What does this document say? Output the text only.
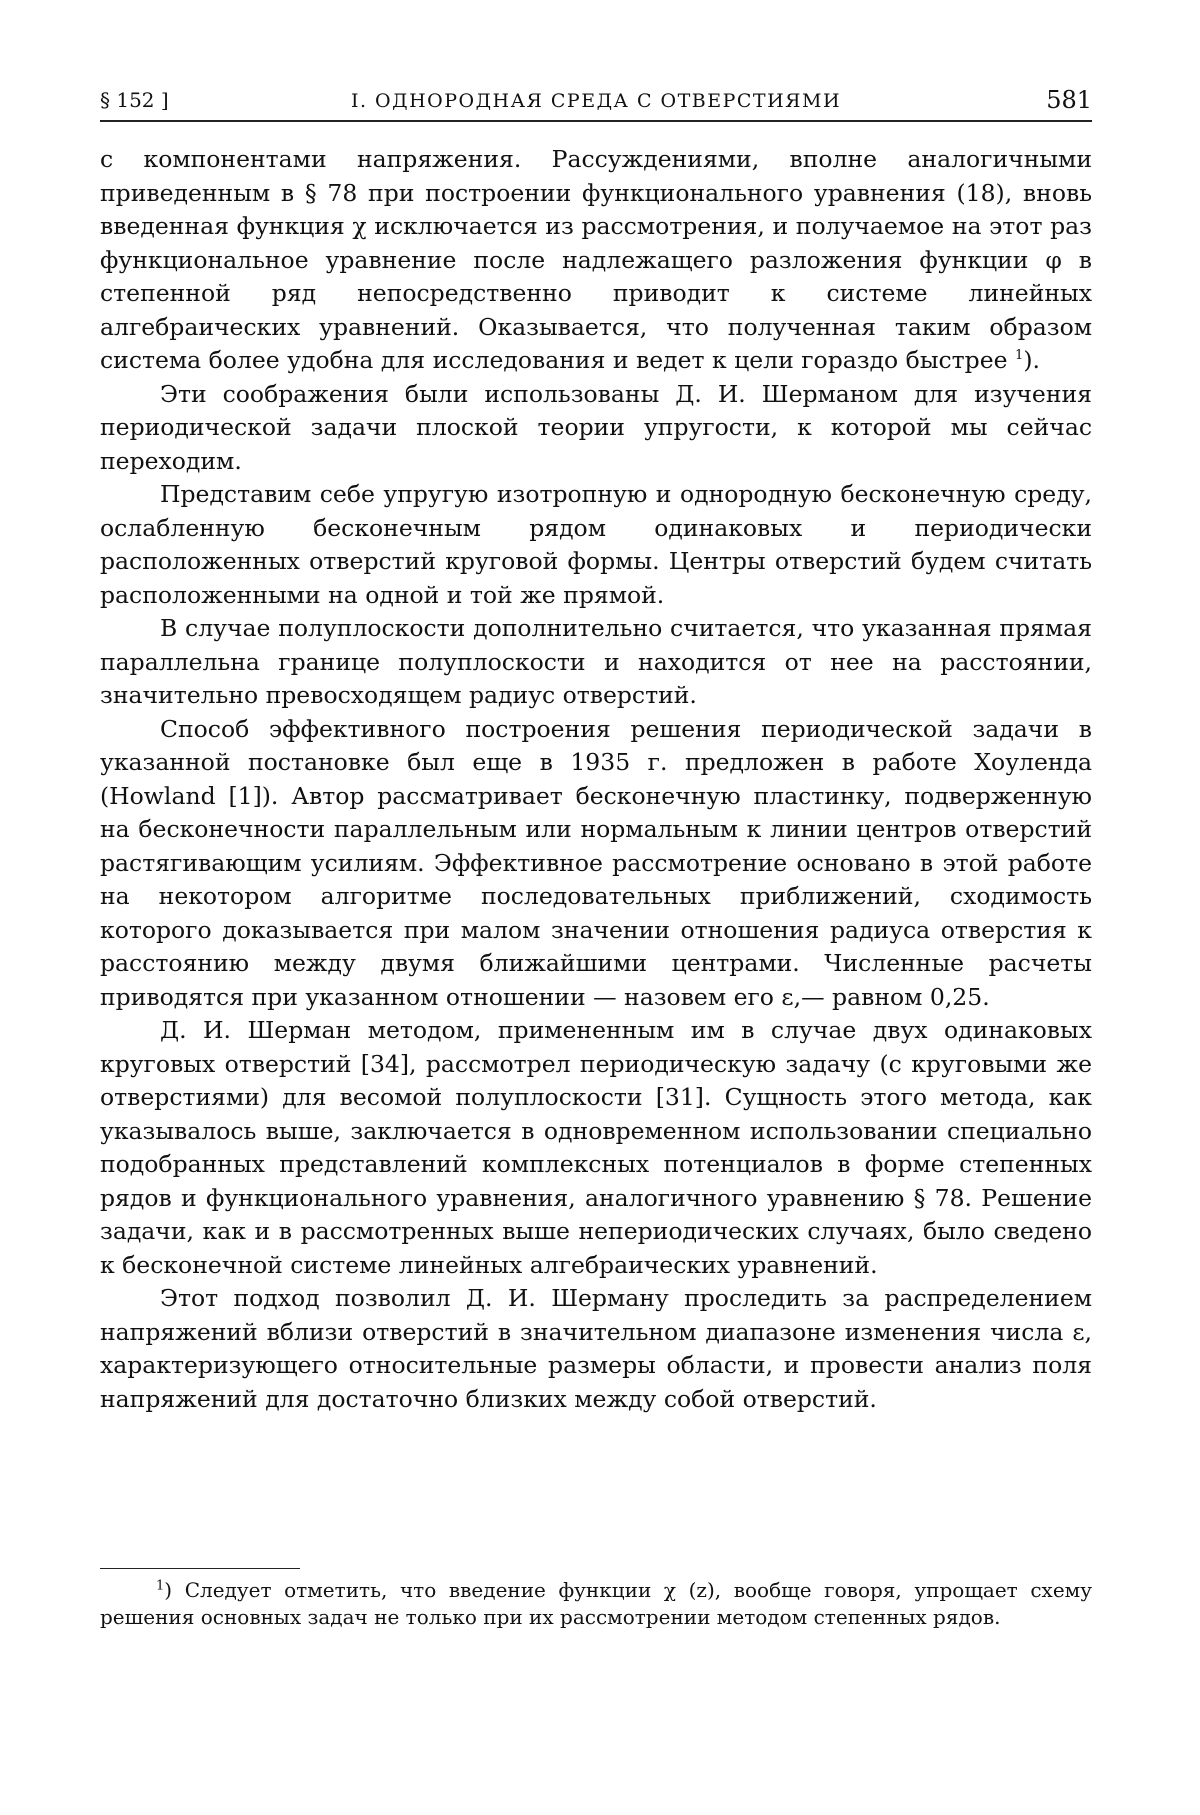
§ 152 ]	I. ОДНОРОДНАЯ СРЕДА С ОТВЕРСТИЯМИ	581

с компонентами напряжения. Рассуждениями, вполне аналогичными приведенным в § 78 при построении функционального уравнения (18), вновь введенная функция χ исключается из рассмотрения, и получаемое на этот раз функциональное уравнение после надлежащего разложения функции φ в степенной ряд непосредственно приводит к системе линейных алгебраических уравнений. Оказывается, что полученная таким образом система более удобна для исследования и ведет к цели гораздо быстрее $^1$).

Эти соображения были использованы Д. И. Шерманом для изучения периодической задачи плоской теории упругости, к которой мы сейчас переходим.

Представим себе упругую изотропную и однородную бесконечную среду, ослабленную бесконечным рядом одинаковых и периодически расположенных отверстий круговой формы. Центры отверстий будем считать расположенными на одной и той же прямой.

В случае полуплоскости дополнительно считается, что указанная прямая параллельна границе полуплоскости и находится от нее на расстоянии, значительно превосходящем радиус отверстий.

Способ эффективного построения решения периодической задачи в указанной постановке был еще в 1935 г. предложен в работе Хоуленда (Howland [1]). Автор рассматривает бесконечную пластинку, подверженную на бесконечности параллельным или нормальным к линии центров отверстий растягивающим усилиям. Эффективное рассмотрение основано в этой работе на некотором алгоритме последовательных приближений, сходимость которого доказывается при малом значении отношения радиуса отверстия к расстоянию между двумя ближайшими центрами. Численные расчеты приводятся при указанном отношении — назовем его ε,— равном 0,25.

Д. И. Шерман методом, примененным им в случае двух одинаковых круговых отверстий [34], рассмотрел периодическую задачу (с круговыми же отверстиями) для весомой полуплоскости [31]. Сущность этого метода, как указывалось выше, заключается в одновременном использовании специально подобранных представлений комплексных потенциалов в форме степенных рядов и функционального уравнения, аналогичного уравнению § 78. Решение задачи, как и в рассмотренных выше непериодических случаях, было сведено к бесконечной системе линейных алгебраических уравнений.

Этот подход позволил Д. И. Шерману проследить за распределением напряжений вблизи отверстий в значительном диапазоне изменения числа ε, характеризующего относительные размеры области, и провести анализ поля напряжений для достаточно близких между собой отверстий.

$^1$) Следует отметить, что введение функции χ (z), вообще говоря, упрощает схему решения основных задач не только при их рассмотрении методом степенных рядов.
